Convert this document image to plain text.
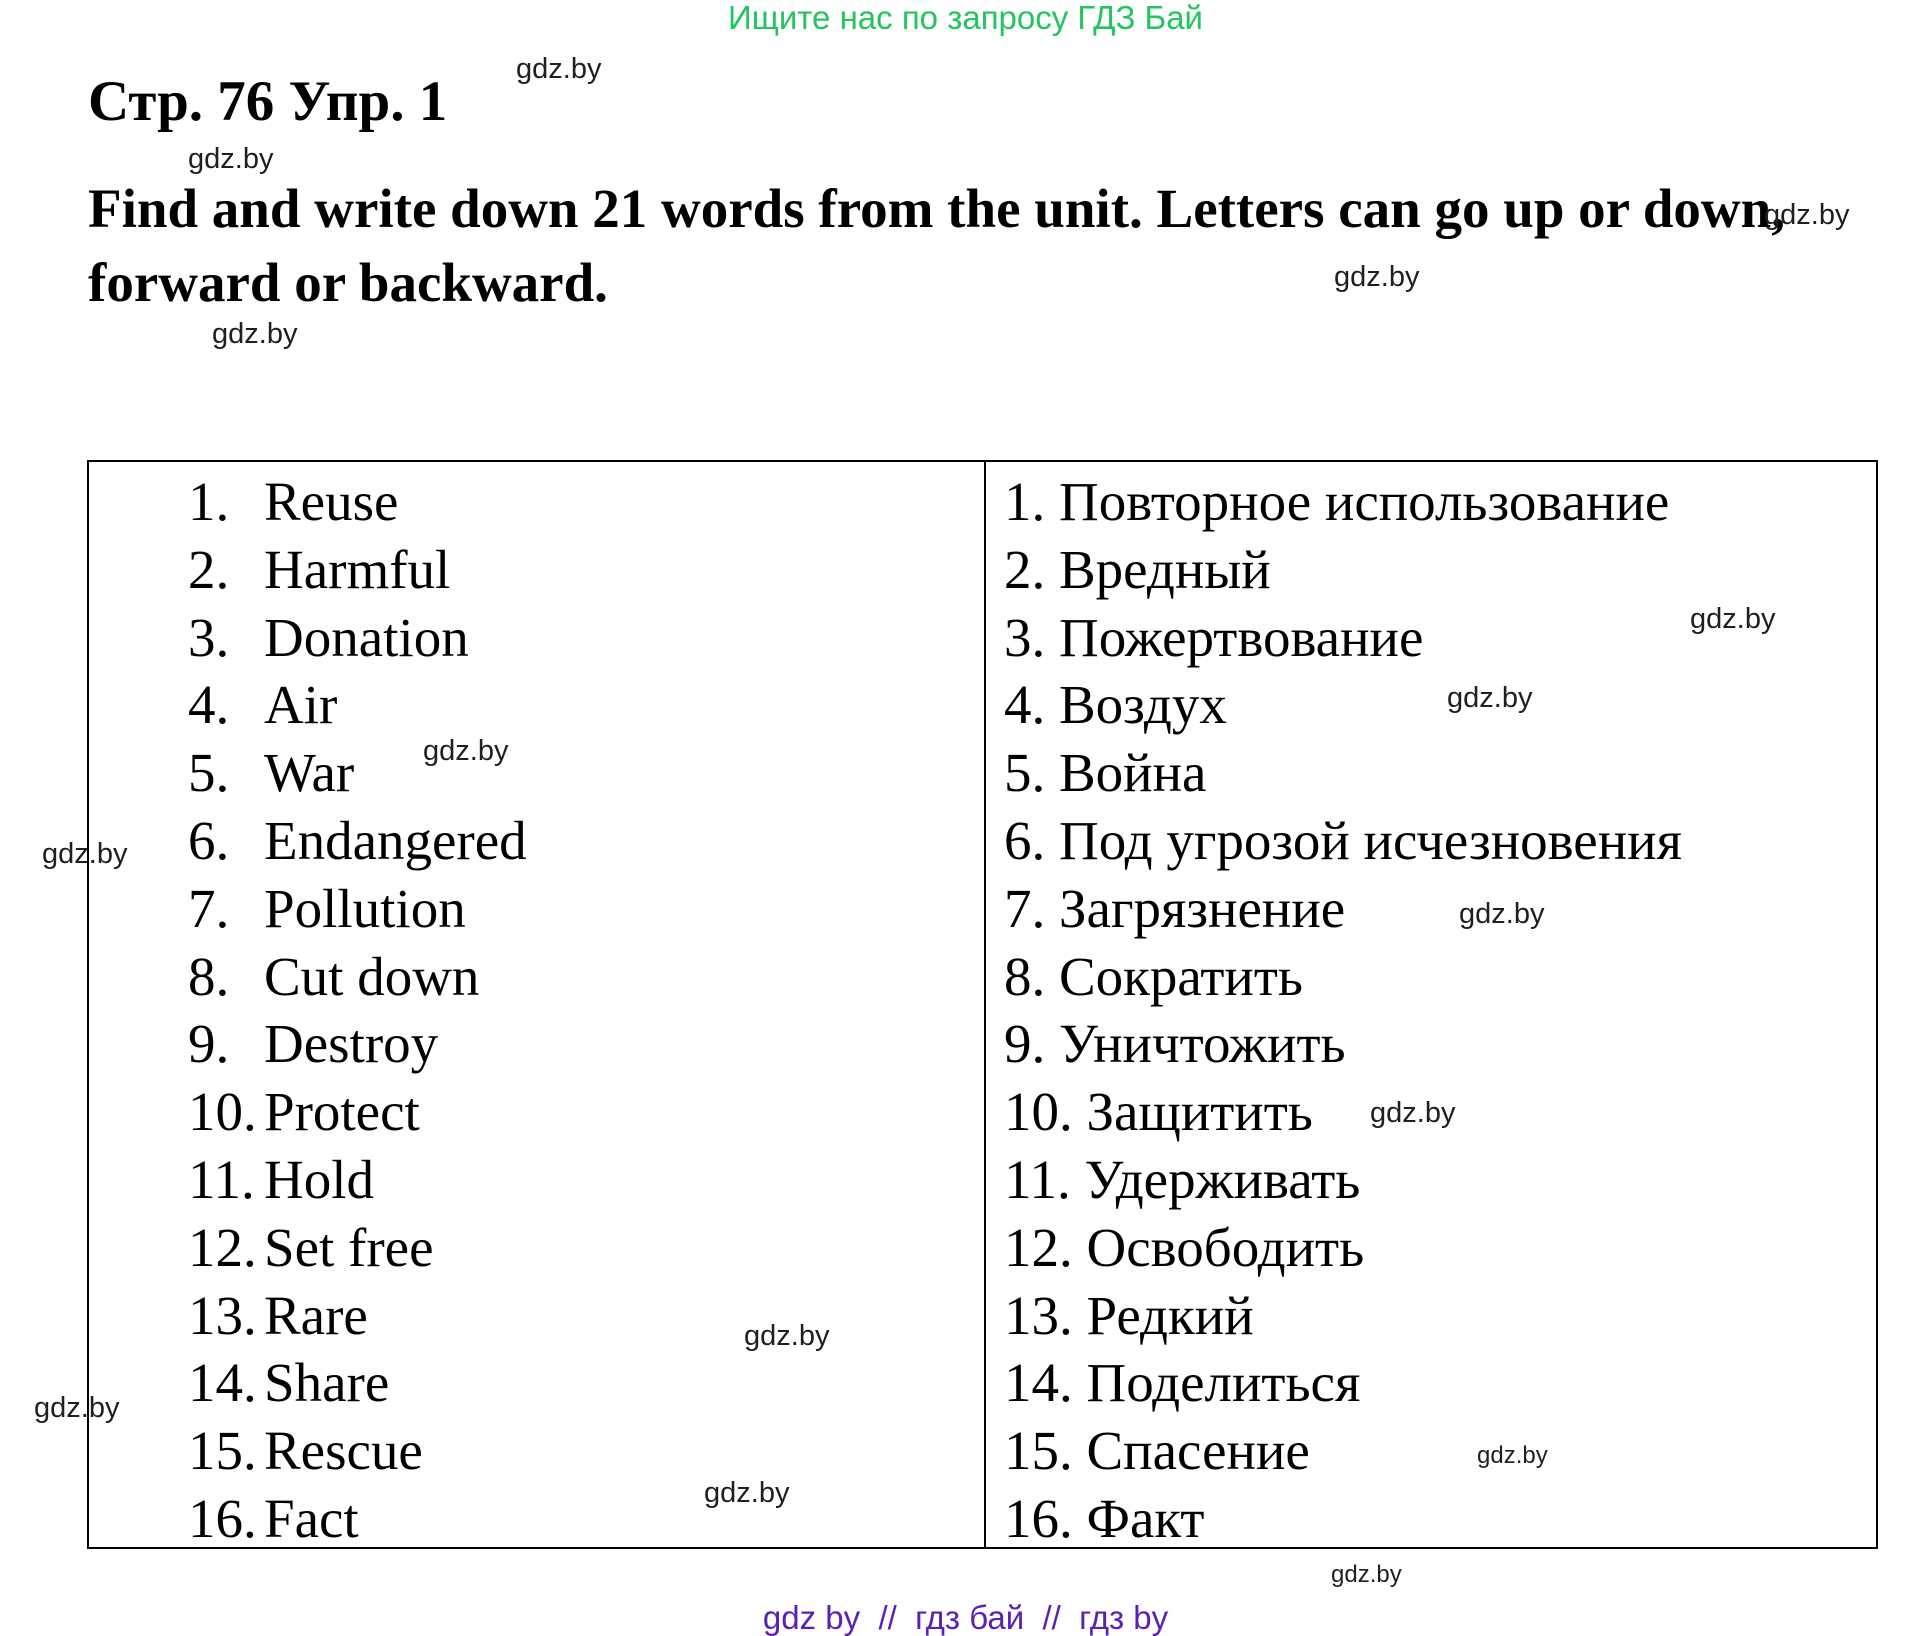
Ищите нас по запросу ГДЗ Бай
Стр. 76 Упр. 1

Find and write down 21 words from the unit. Letters can go up or down, forward or backward.

gdz.by
gdz.by
gdz.by
gdz.by
gdz.by
1. Reuse
2. Harmful
3. Donation
4. Air
5. War
6. Endangered
7. Pollution
8. Cut down
9. Destroy
10. Protect
11. Hold
12. Set free
13. Rare
14. Share
15. Rescue
16. Fact
1. Повторное использование
2. Вредный
3. Пожертвование
4. Воздух
5. Война
6. Под угрозой исчезновения
7. Загрязнение
8. Сократить
9. Уничтожить
10. Защитить
11. Удерживать
12. Освободить
13. Редкий
14. Поделиться
15. Спасение
16. Факт
gdz.by
gdz.by
gdz.by
gdz.by
gdz.by
gdz.by
gdz.by
gdz.by
gdz.by
gdz.by
gdz.by
gdz by  //  гдз бай  //  гдз by
